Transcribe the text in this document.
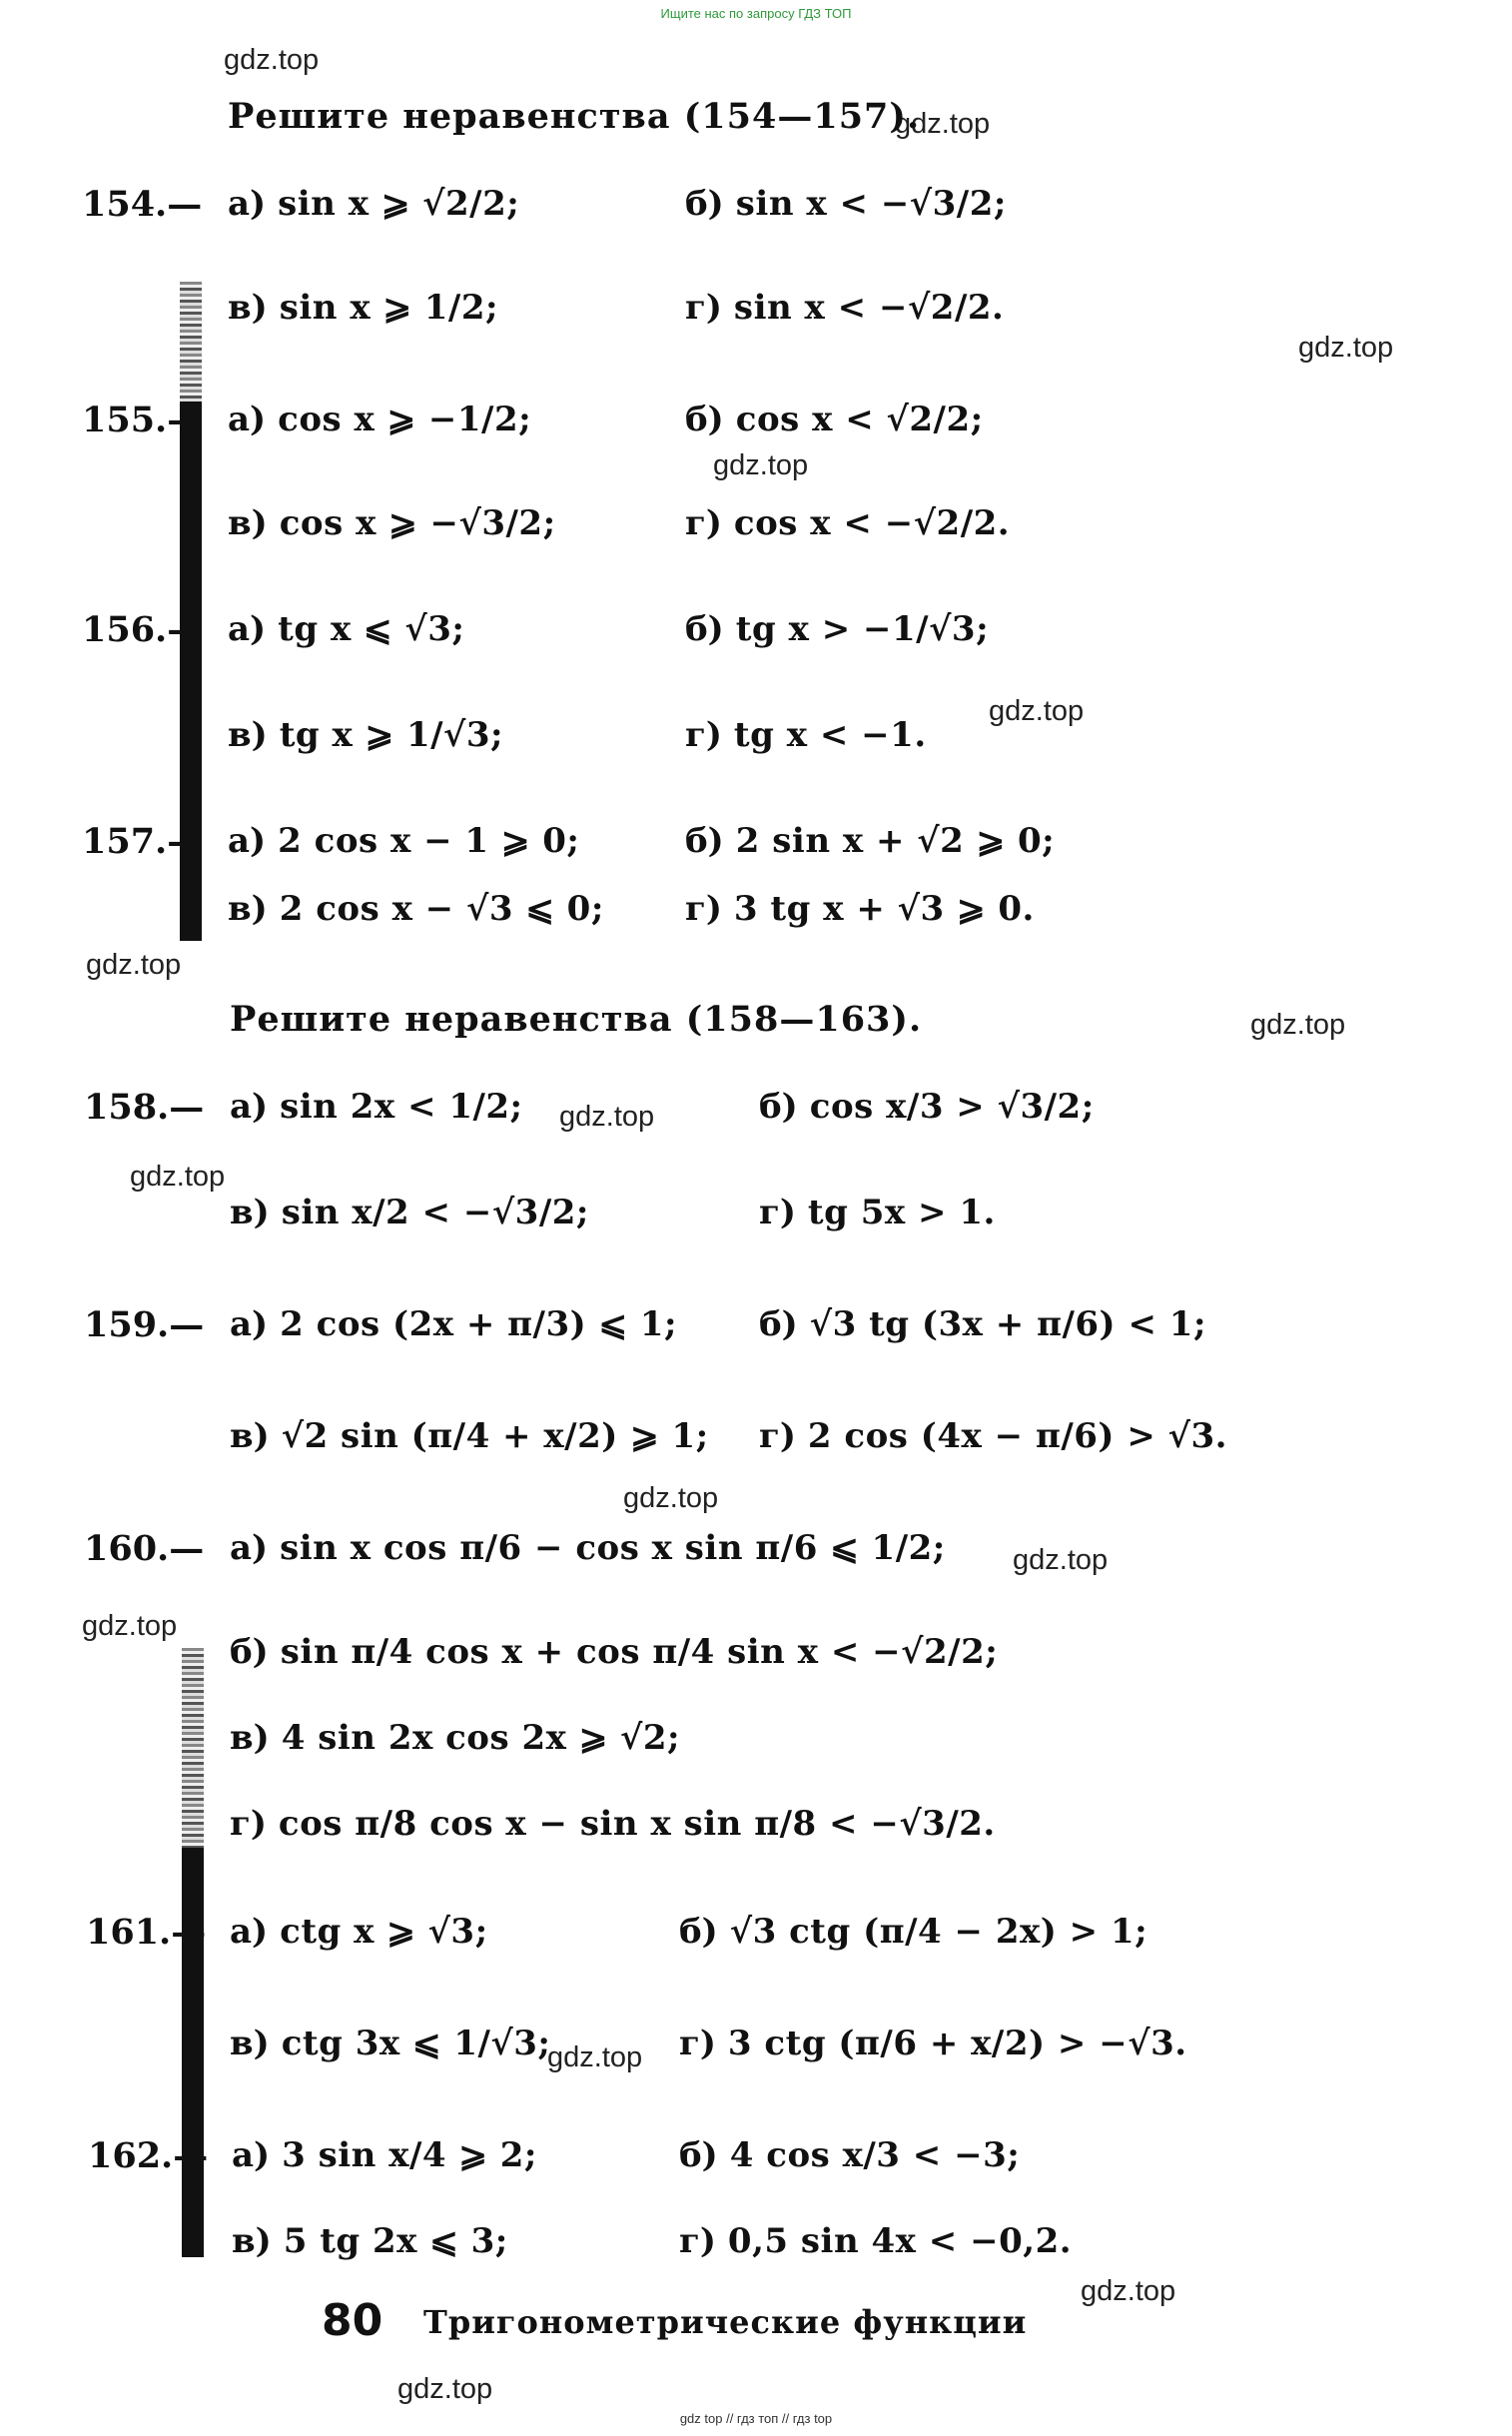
Ищите нас по запросу ГДЗ ТОП
gdz.top
gdz.top
gdz.top
gdz.top
gdz.top
gdz.top
gdz.top
gdz.top
gdz.top
gdz.top
gdz.top
gdz.top
gdz.top
gdz.top
gdz.top
Решите неравенства (154—157).
154.— а) sin x ⩾ √2/2;	б) sin x < −√3/2;
в) sin x ⩾ 1/2;	г) sin x < −√2/2.
155.— а) cos x ⩾ −1/2;	б) cos x < √2/2;
в) cos x ⩾ −√3/2;	г) cos x < −√2/2.
156.— а) tg x ⩽ √3;	б) tg x > −1/√3;
в) tg x ⩾ 1/√3;	г) tg x < −1.
157.— а) 2 cos x − 1 ⩾ 0;	б) 2 sin x + √2 ⩾ 0;
в) 2 cos x − √3 ⩽ 0; г) 3 tg x + √3 ⩾ 0.
Решите неравенства (158—163).
158.— а) sin 2x < 1/2;	б) cos x/3 > √3/2;
в) sin x/2 < −√3/2;	г) tg 5x > 1.
159.— а) 2 cos (2x + π/3) ⩽ 1; б) √3 tg (3x + π/6) < 1;
в) √2 sin (π/4 + x/2) ⩾ 1; г) 2 cos (4x − π/6) > √3.
160.— а) sin x cos π/6 − cos x sin π/6 ⩽ 1/2;
б) sin π/4 cos x + cos π/4 sin x < −√2/2;
в) 4 sin 2x cos 2x ⩾ √2;
г) cos π/8 cos x − sin x sin π/8 < −√3/2.
161.— а) ctg x ⩾ √3;	б) √3 ctg (π/4 − 2x) > 1;
в) ctg 3x ⩽ 1/√3;	г) 3 ctg (π/6 + x/2) > −√3.
162.— а) 3 sin x/4 ⩾ 2;	б) 4 cos x/3 < −3;
в) 5 tg 2x ⩽ 3;	г) 0,5 sin 4x < −0,2.
80 Тригонометрические функции
gdz top // гдз топ // гдз top
